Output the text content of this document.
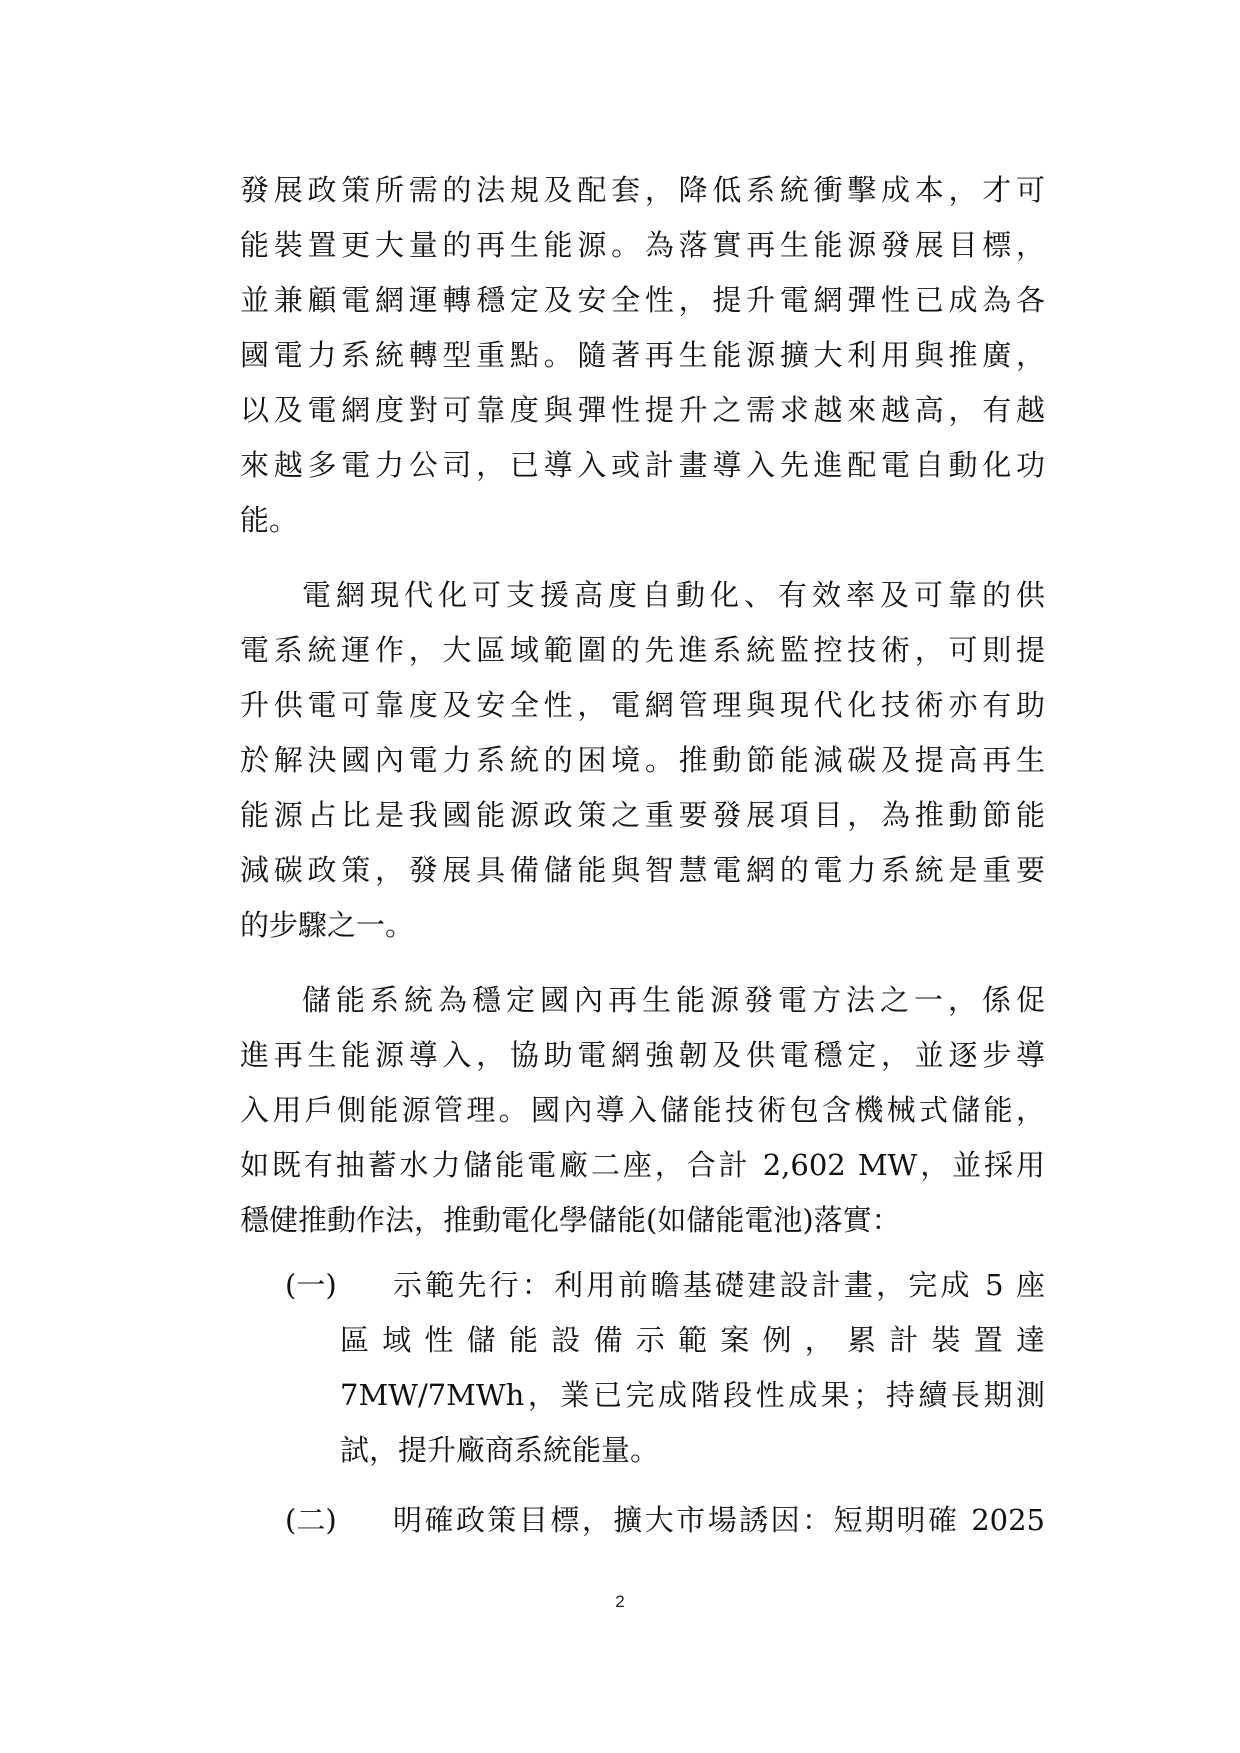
發展政策所需的法規及配套，降低系統衝擊成本，才可
能裝置更大量的再生能源。為落實再生能源發展目標，
並兼顧電網運轉穩定及安全性，提升電網彈性已成為各
國電力系統轉型重點。隨著再生能源擴大利用與推廣，
以及電網度對可靠度與彈性提升之需求越來越高，有越
來越多電力公司，已導入或計畫導入先進配電自動化功
能。
電網現代化可支援高度自動化、有效率及可靠的供
電系統運作，大區域範圍的先進系統監控技術，可則提
升供電可靠度及安全性，電網管理與現代化技術亦有助
於解決國內電力系統的困境。推動節能減碳及提高再生
能源占比是我國能源政策之重要發展項目，為推動節能
減碳政策，發展具備儲能與智慧電網的電力系統是重要
的步驟之一。
儲能系統為穩定國內再生能源發電方法之一，係促
進再生能源導入，協助電網強韌及供電穩定，並逐步導
入用戶側能源管理。國內導入儲能技術包含機械式儲能，
如既有抽蓄水力儲能電廠二座，合計 2,602 MW，並採用
穩健推動作法，推動電化學儲能(如儲能電池)落實：
(一) 示範先行：利用前瞻基礎建設計畫，完成 5 座
區域性儲能設備示範案例，累計裝置達
7MW/7MWh，業已完成階段性成果；持續長期測
試，提升廠商系統能量。
(二) 明確政策目標，擴大市場誘因：短期明確 2025
2
